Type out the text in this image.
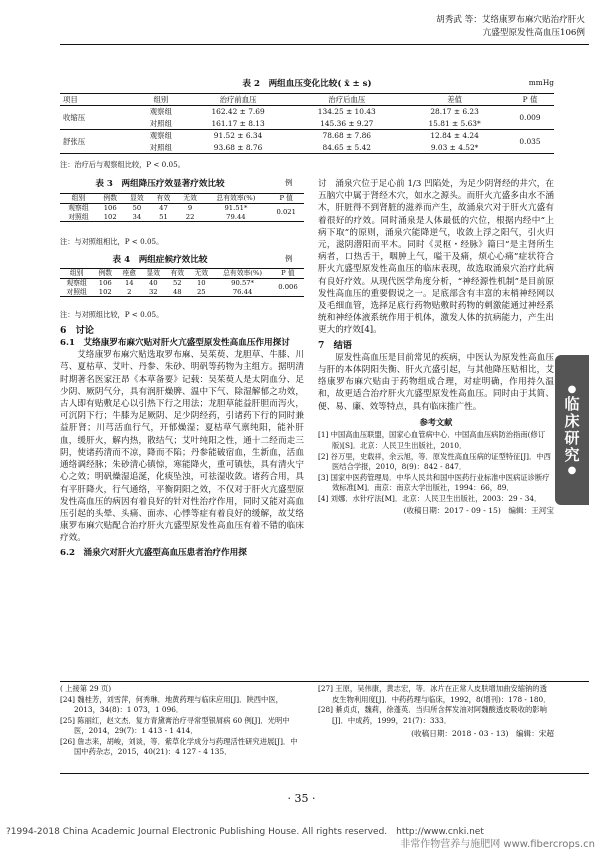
胡秀武 等：艾络康罗布麻穴贴治疗肝火
亢盛型原发性高血压106例
表 2　两组血压变化比较( x̄ ± s)	mmHg
项目	组别	治疗前血压	治疗后血压	差值	P 值
收缩压	观察组	162.42 ± 7.69	134.25 ± 10.43	28.17 ± 6.23	0.009
	对照组	161.17 ± 8.13	145.36 ± 9.27	15.81 ± 5.63*	
舒张压	观察组	91.52 ± 6.34	78.68 ± 7.86	12.84 ± 4.24	0.035
	对照组	93.68 ± 8.76	84.65 ± 5.42	9.03 ± 4.52*	
注：治疗后与观察组比较，P < 0.05。
表 3　两组降压疗效显著疗效比较	例
组别	例数	显效	有效	无效	总有效率(%)	P 值
观察组	106	50	47	9	91.51*	0.021
对照组	102	34	51	22	79.44	
注：与对照组相比，P < 0.05。
表 4　两组症候疗效比较	例
组别	例数	痊愈	显效	有效	无效	总有效率(%)	P 值
观察组	106	14	40	52	10	90.57*	0.006
对照组	102	2	32	48	25	76.44	
注：与对照组比较，P < 0.05。

6　讨论

6.1　艾络康罗布麻穴贴对肝火亢盛型原发性高血压作用探讨

艾络康罗布麻穴贴选取罗布麻、吴茱萸、龙胆草、牛膝、川芎、夏枯草、艾叶、丹参、朱砂、明矾等药物为主组方。据明清时期著名医家汪昂《本草备要》记载：吴茱萸人是太阴血分、足少阴、厥阴气分，具有润肝燥脾、温中下气、除湿解郁之功效，古人即有贴敷足心以引热下行之用法；龙胆草能益肝胆而泻火，可沉阴下行；牛膝为足厥阴、足少阴经药，引诸药下行的同时兼益肝肾；川芎活血行气，开郁燥湿；夏枯草气禀纯阳，能补肝血，缓肝火，解内热，散结气；艾叶纯阳之性，通十二经而走三阴，使诸药清而不凉，降而不陷；丹参能破宿血，生新血，活血通络调经脉；朱砂清心镇惊，寒能降火，重可镇怯，具有清火宁心之效；明矾燥湿追涎，化痰坠浊，可祛湿收敛。诸药合用，具有平肝降火，行气通络，平衡阴阳之效，不仅对于肝火亢盛型原发性高血压的病因有着良好的针对性治疗作用，同时又能对高血压引起的头晕、头痛、面赤、心悸等症有着良好的缓解，故艾络康罗布麻穴贴配合治疗肝火亢盛型原发性高血压有着不错的临床疗效。

6.2　涌泉穴对肝火亢盛型高血压患者治疗作用探

讨　涌泉穴位于足心前 1/3 凹陷处，为足少阴肾经的井穴，在五脑穴中属于肾经木穴，如水之源头。而肝火亢盛多由水不涵木，肝脏得不到肾脏的滋养而产生，故涌泉穴对于肝火亢盛有着很好的疗效。同时涌泉是人体最低的穴位，根据内经中“上病下取”的原则，涌泉穴能降逆气，收敛上浮之阳气，引火归元，滋阴潜阳而平木。同时《灵枢・经脉》篇曰“是主肾所生病者，口热舌干，咽肿上气，嗌干及痛，烦心心痛”症状符合肝火亢盛型原发性高血压的临床表现，故选取涌泉穴治疗此病有良好疗效。从现代医学角度分析，“神经源性机制”是目前原发性高血压的重要假说之一。足底部含有丰富的末梢神经网以及毛细血管，选择足底行药物贴敷时药物的刺激能通过神经系统和神经体液系统作用于机体，激发人体的抗病能力，产生出更大的疗效[4]。

7　结语

原发性高血压是目前常见的疾病，中医认为原发性高血压与肝的本体阴阳失衡、肝火亢盛引起，与其他降压贴相比，艾络康罗布麻穴贴由于药物组成合理，对症明确，作用持久温和，故更适合治疗肝火亢盛型原发性高血压。同时由于其简、便、易、廉、效等特点，具有临床推广性。

参考文献
[1] 中国高血压联盟，国家心血管病中心．中国高血压病防治指南(修订版)[S]．北京：人民卫生出版社，2010．
[2] 谷万里，史载祥，余云旭，等．原发性高血压病的证型特征[J]．中西医结合学报，2010，8(9)：842 - 847．
[3] 国家中医药管理局．中华人民共和国中医药行业标准中医病证诊断疗效标准[M]．南京：南京大学出版社，1994：66，89．
[4] 刘娜．水针疗法[M]．北京：人民卫生出版社，2003：29 - 34．
(收稿日期：2017 - 09 - 15)　编辑：王河宝
●
临
床
研
究
●
( 上接第 29 页)
[24] 魏桂芳，刘雪萍，何秀琳．地黄药理与临床应用[J]．陕西中医，2013，34(8)：1 073，1 096．
[25] 陈丽红，赵文杰．复方青黛膏治疗寻常型银屑病 60 例[J]．光明中医，2014，29(7)：1 413 - 1 414．
[26] 詹志来，胡峻，刘谈，等．紫草化学成分与药理活性研究进展[J]．中国中药杂志，2015，40(21)：4 127 - 4 135．
[27] 王原，吴伟康，黄志宏，等．冰片在正常人皮肤增加曲安缩钠的透皮生物利用度[J]．中药药理与临床，1992，8(增刊)：178 - 180．
[28] 綦贞贞，魏莉，徐蓬英．当归所含挥发油对阿魏酸透皮吸收的影响[J]．中成药，1999，21(7)：333．
(收稿日期：2018 - 03 - 13)　编辑：宋超
· 35 ·
?1994-2018 China Academic Journal Electronic Publishing House. All rights reserved.　http://www.cnki.net
非常作物营养与施肥网 www.fibercrops.cn
